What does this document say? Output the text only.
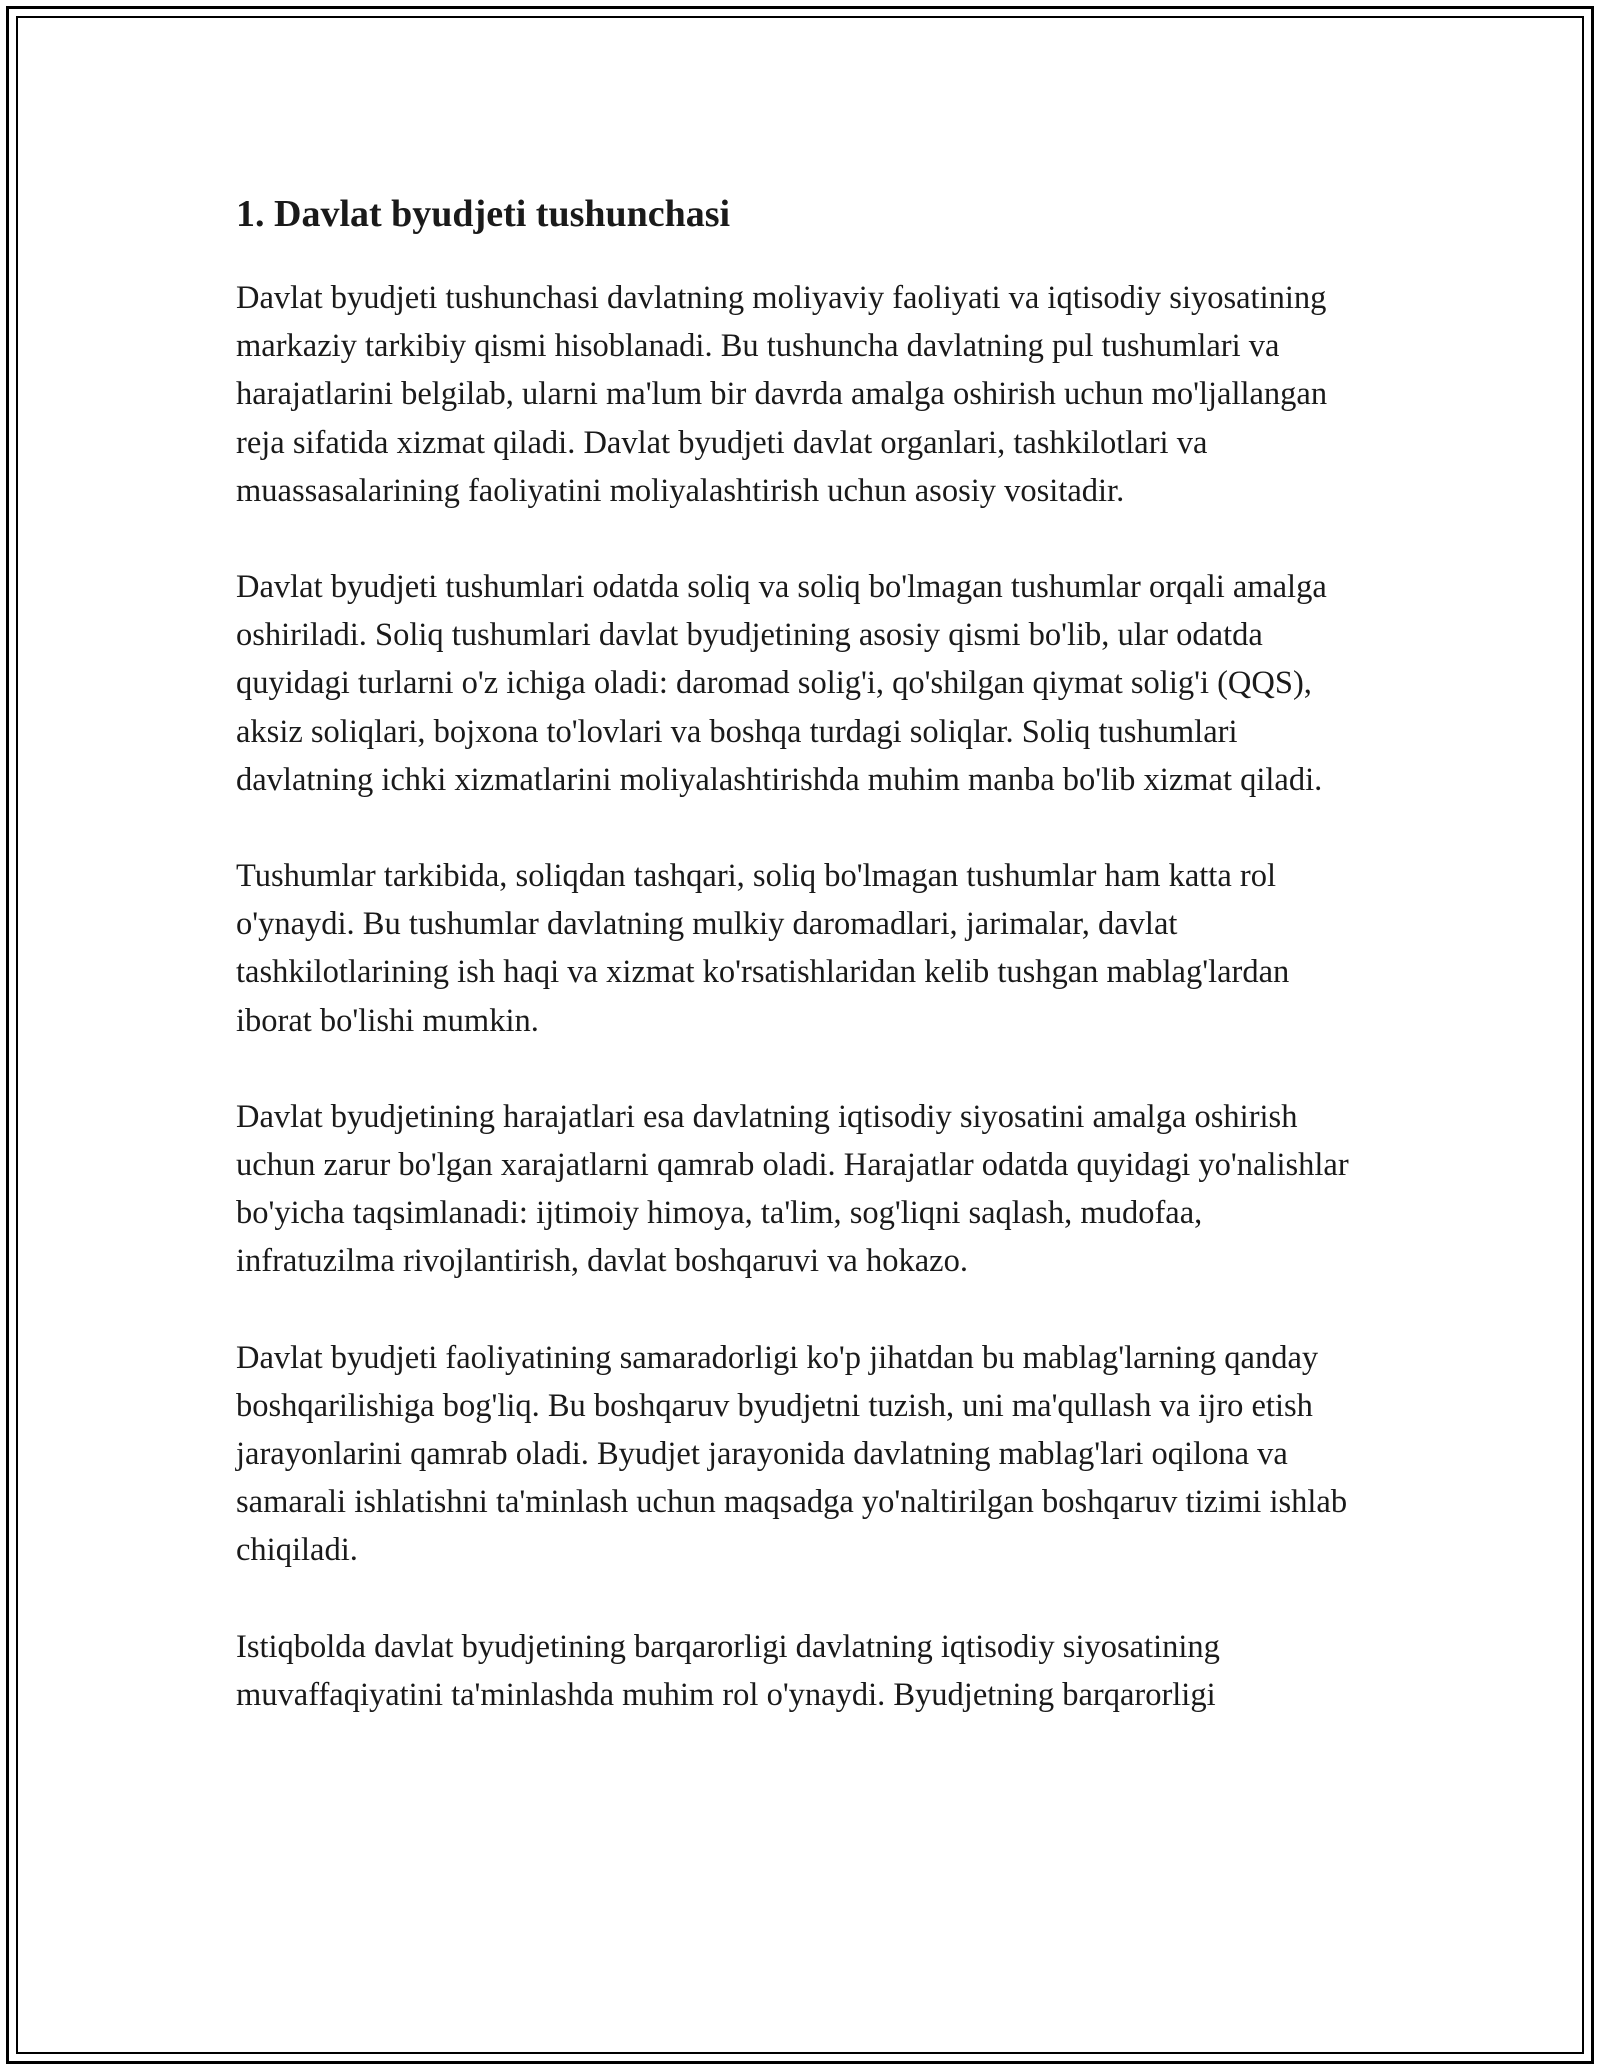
1. Davlat byudjeti tushunchasi

Davlat byudjeti tushunchasi davlatning moliyaviy faoliyati va iqtisodiy siyosatining markaziy tarkibiy qismi hisoblanadi. Bu tushuncha davlatning pul tushumlari va harajatlarini belgilab, ularni ma'lum bir davrda amalga oshirish uchun mo'ljallangan reja sifatida xizmat qiladi. Davlat byudjeti davlat organlari, tashkilotlari va muassasalarining faoliyatini moliyalashtirish uchun asosiy vositadir.

Davlat byudjeti tushumlari odatda soliq va soliq bo'lmagan tushumlar orqali amalga oshiriladi. Soliq tushumlari davlat byudjetining asosiy qismi bo'lib, ular odatda quyidagi turlarni o'z ichiga oladi: daromad solig'i, qo'shilgan qiymat solig'i (QQS), aksiz soliqlari, bojxona to'lovlari va boshqa turdagi soliqlar. Soliq tushumlari davlatning ichki xizmatlarini moliyalashtirishda muhim manba bo'lib xizmat qiladi.

Tushumlar tarkibida, soliqdan tashqari, soliq bo'lmagan tushumlar ham katta rol o'ynaydi. Bu tushumlar davlatning mulkiy daromadlari, jarimalar, davlat tashkilotlarining ish haqi va xizmat ko'rsatishlaridan kelib tushgan mablag'lardan iborat bo'lishi mumkin.

Davlat byudjetining harajatlari esa davlatning iqtisodiy siyosatini amalga oshirish uchun zarur bo'lgan xarajatlarni qamrab oladi. Harajatlar odatda quyidagi yo'nalishlar bo'yicha taqsimlanadi: ijtimoiy himoya, ta'lim, sog'liqni saqlash, mudofaa, infratuzilma rivojlantirish, davlat boshqaruvi va hokazo.

Davlat byudjeti faoliyatining samaradorligi ko'p jihatdan bu mablag'larning qanday boshqarilishiga bog'liq. Bu boshqaruv byudjetni tuzish, uni ma'qullash va ijro etish jarayonlarini qamrab oladi. Byudjet jarayonida davlatning mablag'lari oqilona va samarali ishlatishni ta'minlash uchun maqsadga yo'naltirilgan boshqaruv tizimi ishlab chiqiladi.

Istiqbolda davlat byudjetining barqarorligi davlatning iqtisodiy siyosatining muvaffaqiyatini ta'minlashda muhim rol o'ynaydi. Byudjetning barqarorligi
